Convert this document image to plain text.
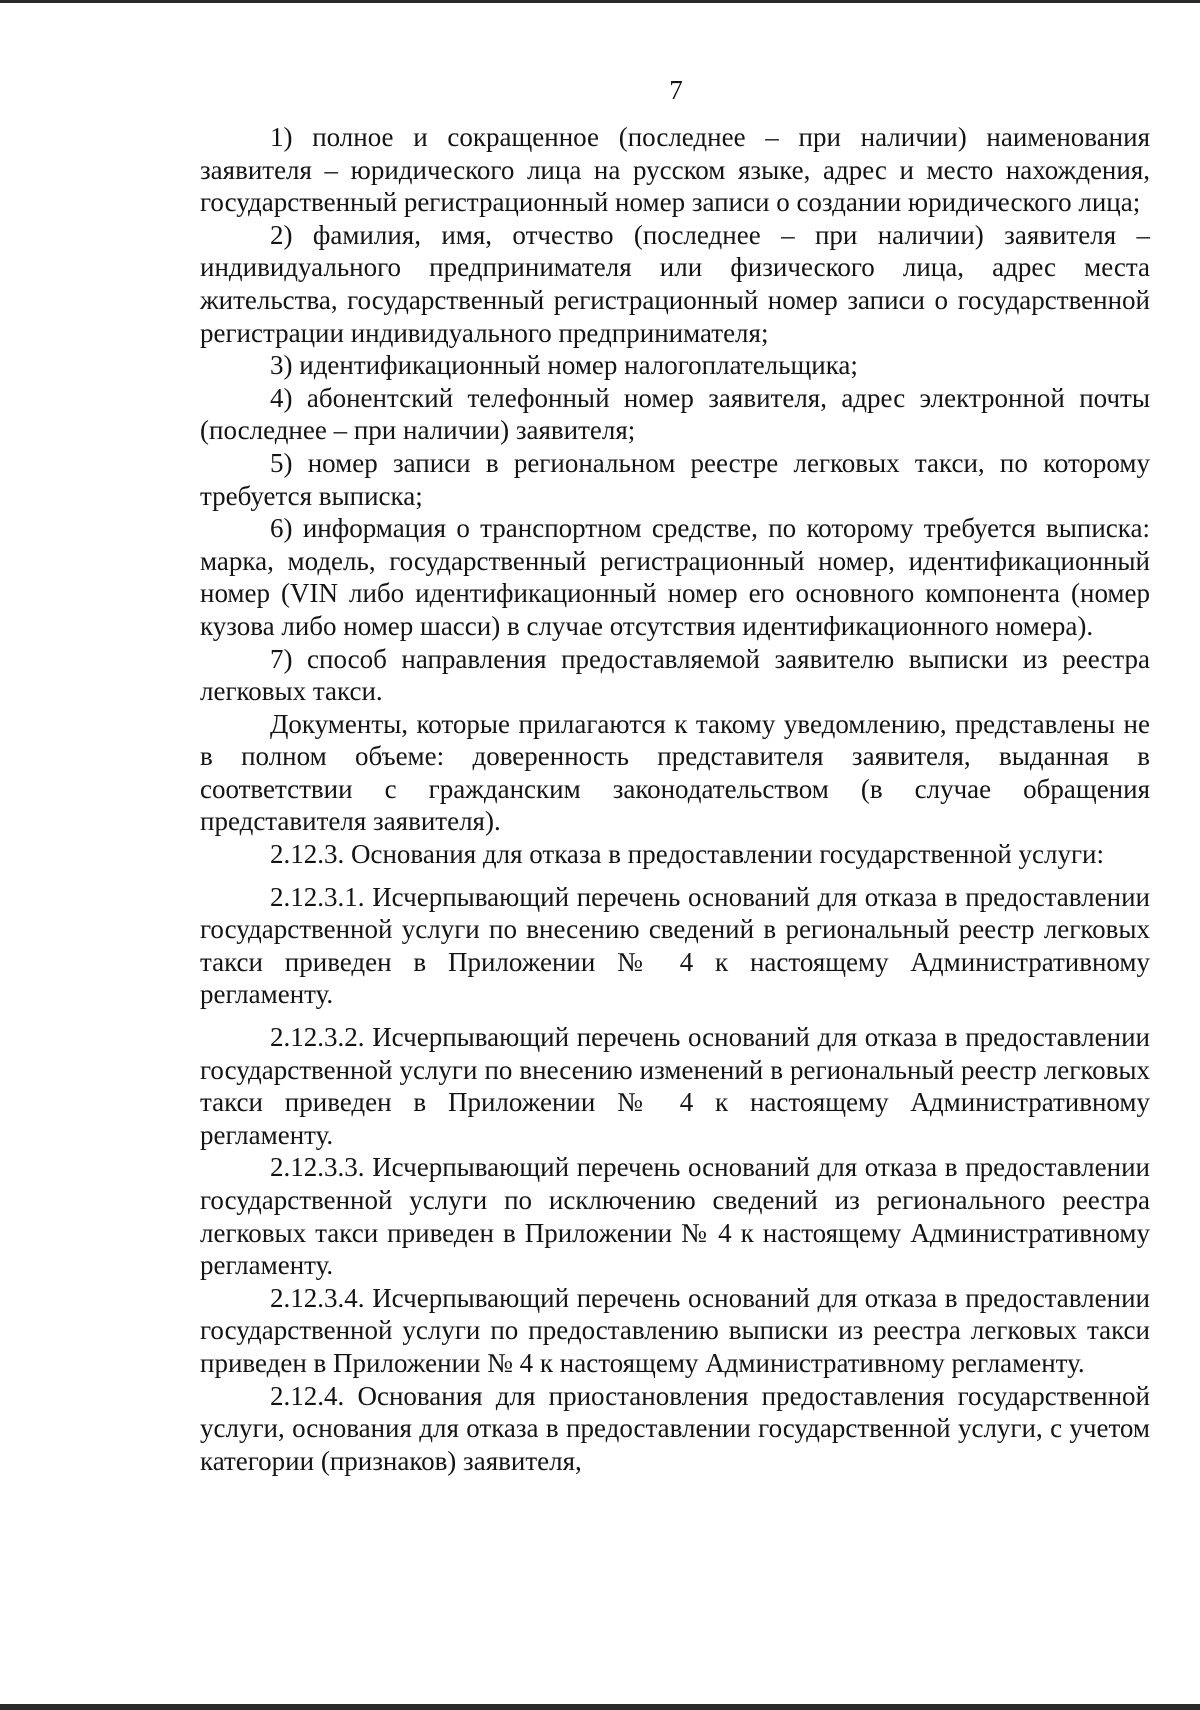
7

1) полное и сокращенное (последнее – при наличии) наименования заявителя – юридического лица на русском языке, адрес и место нахождения, государственный регистрационный номер записи о создании юридического лица;

2) фамилия, имя, отчество (последнее – при наличии) заявителя – индивидуального предпринимателя или физического лица, адрес места жительства, государственный регистрационный номер записи о государственной регистрации индивидуального предпринимателя;

3) идентификационный номер налогоплательщика;

4) абонентский телефонный номер заявителя, адрес электронной почты (последнее – при наличии) заявителя;

5) номер записи в региональном реестре легковых такси, по которому требуется выписка;

6) информация о транспортном средстве, по которому требуется выписка: марка, модель, государственный регистрационный номер, идентификационный номер (VIN либо идентификационный номер его основного компонента (номер кузова либо номер шасси) в случае отсутствия идентификационного номера).

7) способ направления предоставляемой заявителю выписки из реестра легковых такси.

Документы, которые прилагаются к такому уведомлению, представлены не в полном объеме: доверенность представителя заявителя, выданная в соответствии с гражданским законодательством (в случае обращения представителя заявителя).

2.12.3. Основания для отказа в предоставлении государственной услуги:

2.12.3.1. Исчерпывающий перечень оснований для отказа в предоставлении государственной услуги по внесению сведений в региональный реестр легковых такси приведен в Приложении № 4 к настоящему Административному регламенту.

2.12.3.2. Исчерпывающий перечень оснований для отказа в предоставлении государственной услуги по внесению изменений в региональный реестр легковых такси приведен в Приложении № 4 к настоящему Административному регламенту.

2.12.3.3. Исчерпывающий перечень оснований для отказа в предоставлении государственной услуги по исключению сведений из регионального реестра легковых такси приведен в Приложении № 4 к настоящему Административному регламенту.

2.12.3.4. Исчерпывающий перечень оснований для отказа в предоставлении государственной услуги по предоставлению выписки из реестра легковых такси приведен в Приложении № 4 к настоящему Административному регламенту.

2.12.4. Основания для приостановления предоставления государственной услуги, основания для отказа в предоставлении государственной услуги, с учетом категории (признаков) заявителя,
